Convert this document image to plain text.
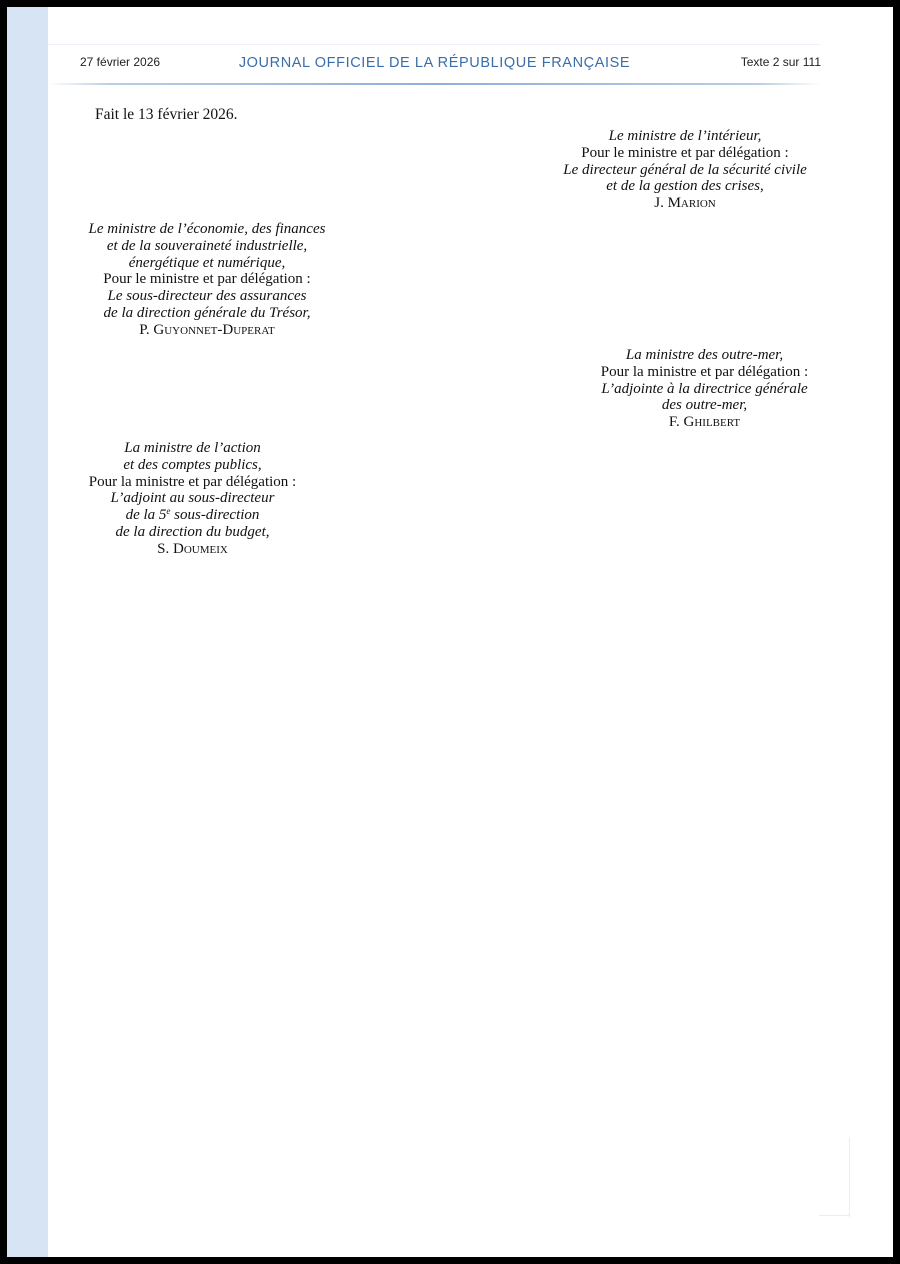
27 février 2026	JOURNAL OFFICIEL DE LA RÉPUBLIQUE FRANÇAISE	Texte 2 sur 111
Fait le 13 février 2026.
Le ministre de l’intérieur,
Pour le ministre et par délégation :
Le directeur général de la sécurité civile
et de la gestion des crises,
J. Marion
Le ministre de l’économie, des finances
et de la souveraineté industrielle,
énergétique et numérique,
Pour le ministre et par délégation :
Le sous-directeur des assurances
de la direction générale du Trésor,
P. Guyonnet-Duperat
La ministre des outre-mer,
Pour la ministre et par délégation :
L’adjointe à la directrice générale
des outre-mer,
F. Ghilbert
La ministre de l’action
et des comptes publics,
Pour la ministre et par délégation :
L’adjoint au sous-directeur
de la 5e sous-direction
de la direction du budget,
S. Doumeix
